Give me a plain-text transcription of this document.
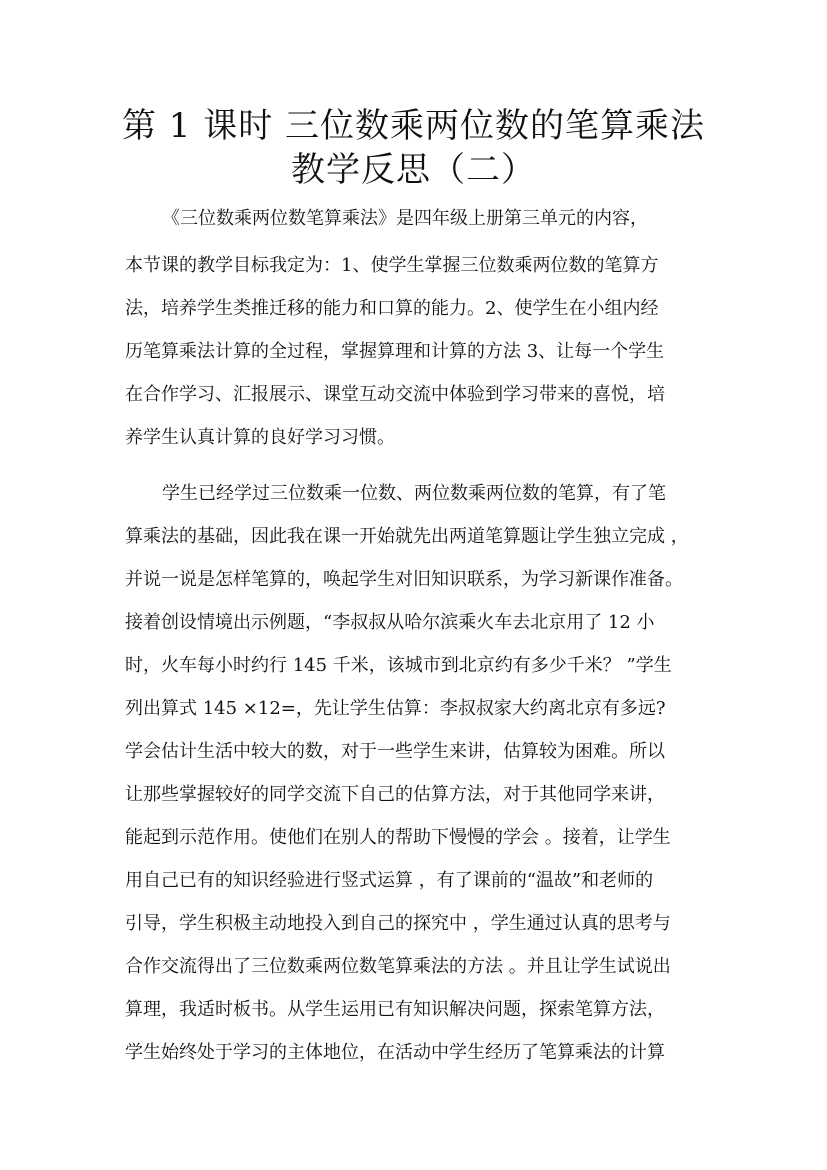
第 1 课时 三位数乘两位数的笔算乘法
教学反思（二）
《三位数乘两位数笔算乘法》是四年级上册第三单元的内容，
本节课的教学目标我定为：1、使学生掌握三位数乘两位数的笔算方
法，培养学生类推迁移的能力和口算的能力。2、使学生在小组内经
历笔算乘法计算的全过程，掌握算理和计算的方法 3、让每一个学生
在合作学习、汇报展示、课堂互动交流中体验到学习带来的喜悦，培
养学生认真计算的良好学习习惯。
学生已经学过三位数乘一位数、两位数乘两位数的笔算，有了笔
算乘法的基础，因此我在课一开始就先出两道笔算题让学生独立完成 ，
并说一说是怎样笔算的，唤起学生对旧知识联系，为学习新课作准备。
接着创设情境出示例题，“李叔叔从哈尔滨乘火车去北京用了 12 小
时，火车每小时约行 145 千米，该城市到北京约有多少千米？ ”学生
列出算式 145 ×12=，先让学生估算：李叔叔家大约离北京有多远?
学会估计生活中较大的数，对于一些学生来讲，估算较为困难。所以
让那些掌握较好的同学交流下自己的估算方法，对于其他同学来讲，
能起到示范作用。使他们在别人的帮助下慢慢的学会 。接着，让学生
用自己已有的知识经验进行竖式运算 ，有了课前的“温故”和老师的
引导，学生积极主动地投入到自己的探究中 ，学生通过认真的思考与
合作交流得出了三位数乘两位数笔算乘法的方法 。并且让学生试说出
算理，我适时板书。从学生运用已有知识解决问题，探索笔算方法，
学生始终处于学习的主体地位，在活动中学生经历了笔算乘法的计算
